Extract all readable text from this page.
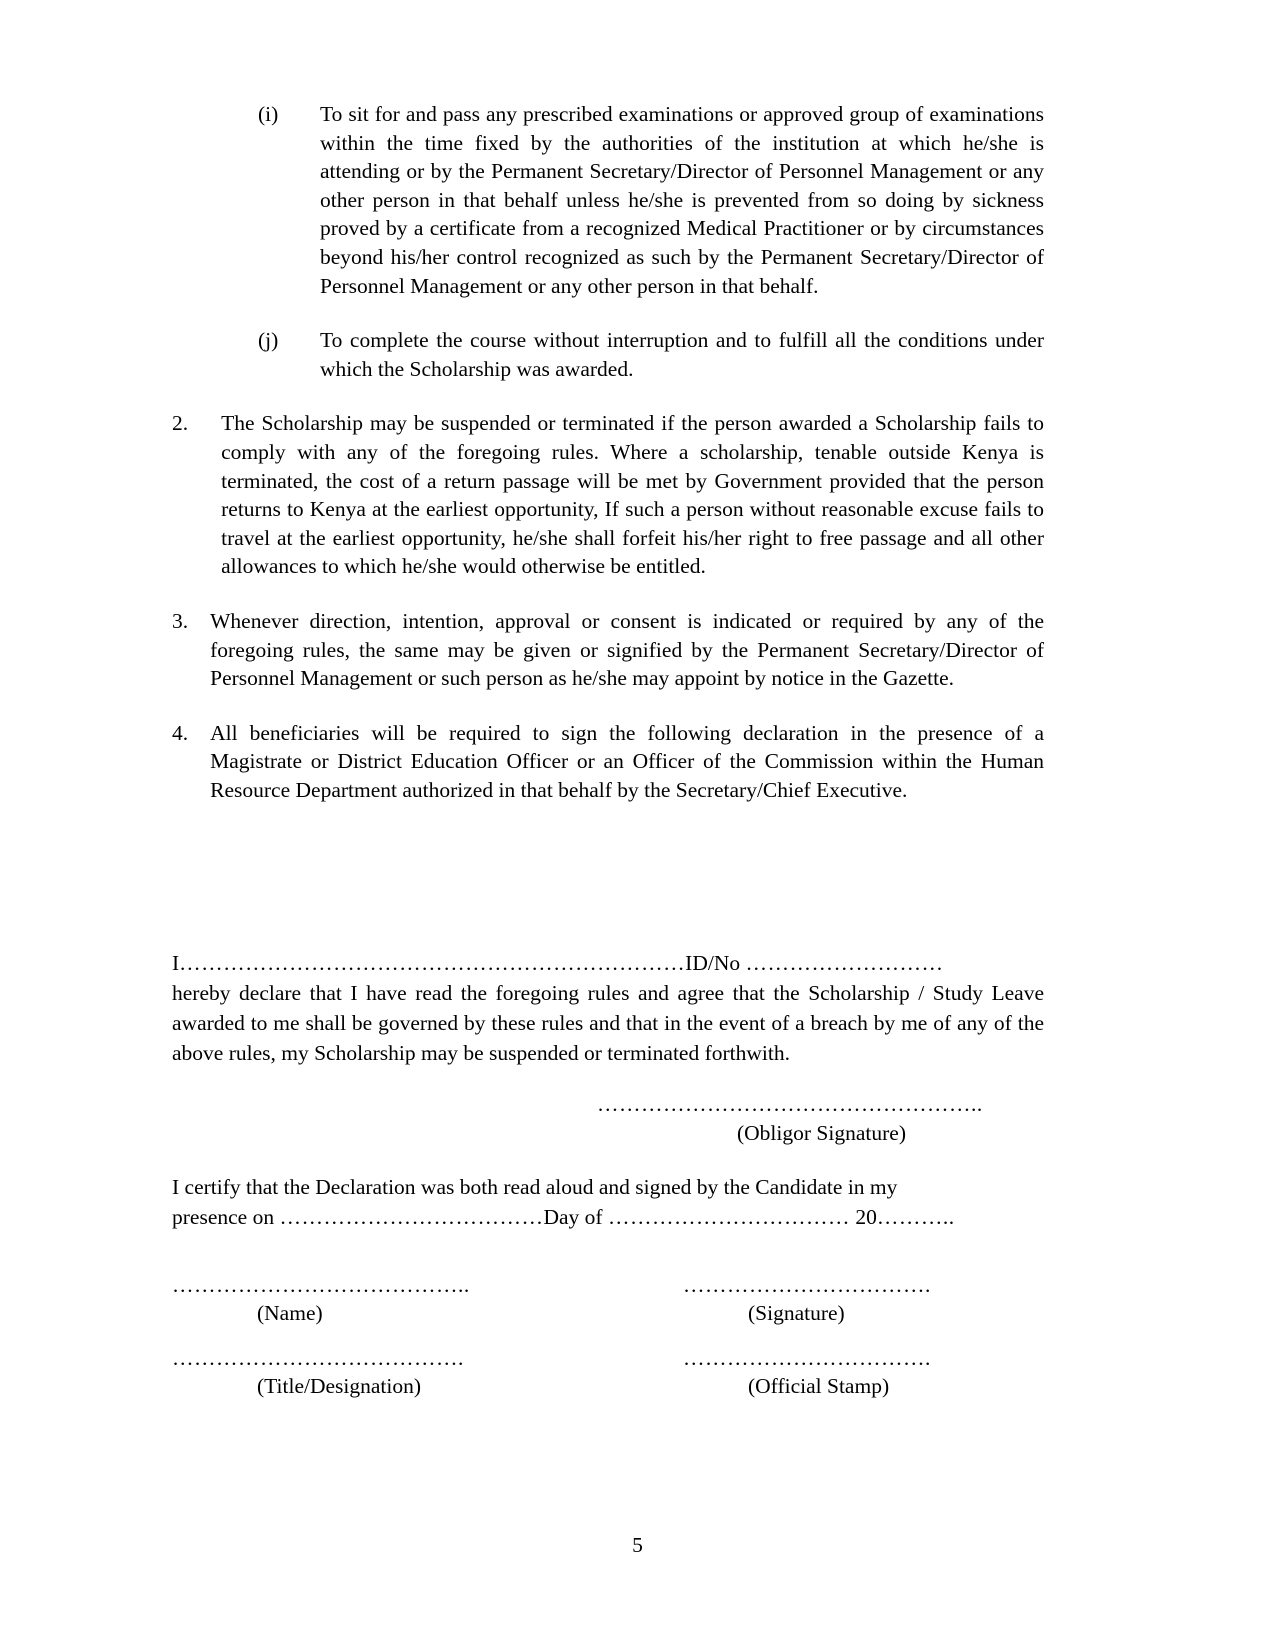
(i)	To sit for and pass any prescribed examinations or approved group of examinations within the time fixed by the authorities of the institution at which he/she is attending or by the Permanent Secretary/Director of Personnel Management or any other person in that behalf unless he/she is prevented from so doing by sickness proved by a certificate from a recognized Medical Practitioner or by circumstances beyond his/her control recognized as such by the Permanent Secretary/Director of Personnel Management or any other person in that behalf.
(j)	To complete the course without interruption and to fulfill all the conditions under which the Scholarship was awarded.
2.	The Scholarship may be suspended or terminated if the person awarded a Scholarship fails to comply with any of the foregoing rules. Where a scholarship, tenable outside Kenya is terminated, the cost of a return passage will be met by Government provided that the person returns to Kenya at the earliest opportunity, If such a person without reasonable excuse fails to travel at the earliest opportunity, he/she shall forfeit his/her right to free passage and all other allowances to which he/she would otherwise be entitled.
3.	Whenever direction, intention, approval or consent is indicated or required by any of the foregoing rules, the same may be given or signified by the Permanent Secretary/Director of Personnel Management or such person as he/she may appoint by notice in the Gazette.
4.	All beneficiaries will be required to sign the following declaration in the presence of a Magistrate or District Education Officer or an Officer of the Commission within the Human Resource Department authorized in that behalf by the Secretary/Chief Executive.
I……………………………………………………………ID/No ………………………
hereby declare that I have read the foregoing rules and agree that the Scholarship / Study Leave awarded to me shall be governed by these rules and that in the event of a breach by me of any of the above rules, my Scholarship may be suspended or terminated forthwith.
……………………………………………..
(Obligor Signature)
I certify that the Declaration was both read aloud and signed by the Candidate in my
presence on ………………………………Day of …………………………… 20………..
…………………………………..
(Name)
…………………………….
(Signature)
………………………………….
(Title/Designation)
…………………………….
(Official Stamp)
5
